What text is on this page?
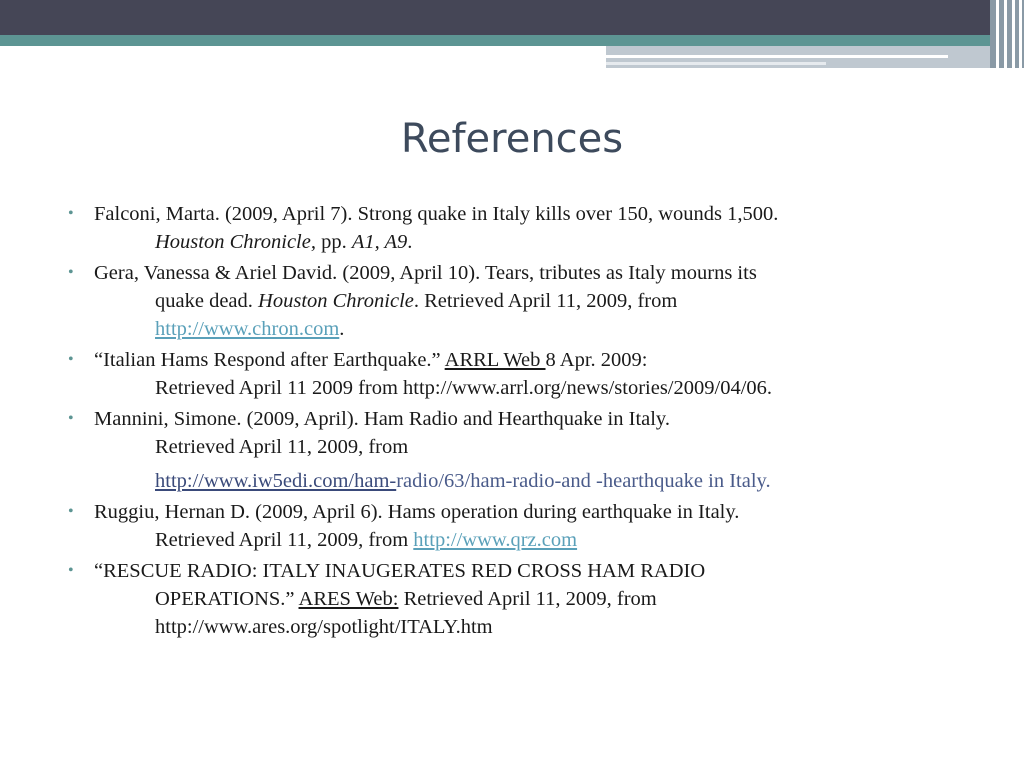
References
• Falconi, Marta. (2009, April 7). Strong quake in Italy kills over 150, wounds 1,500.
Houston Chronicle, pp. A1, A9.
• Gera, Vanessa & Ariel David. (2009, April 10). Tears, tributes as Italy mourns its
quake dead. Houston Chronicle. Retrieved April 11, 2009, from
http://www.chron.com.
• “Italian Hams Respond after Earthquake.” ARRL Web 8 Apr. 2009:
Retrieved April 11 2009 from http://www.arrl.org/news/stories/2009/04/06.
• Mannini, Simone. (2009, April). Ham Radio and Hearthquake in Italy.
Retrieved April 11, 2009, from
http://www.iw5edi.com/ham-radio/63/ham-radio-and -hearthquake in Italy.
• Ruggiu, Hernan D. (2009, April 6). Hams operation during earthquake in Italy.
Retrieved April 11, 2009, from http://www.qrz.com
• “RESCUE RADIO: ITALY INAUGERATES RED CROSS HAM RADIO
OPERATIONS.” ARES Web: Retrieved April 11, 2009, from
http://www.ares.org/spotlight/ITALY.htm
